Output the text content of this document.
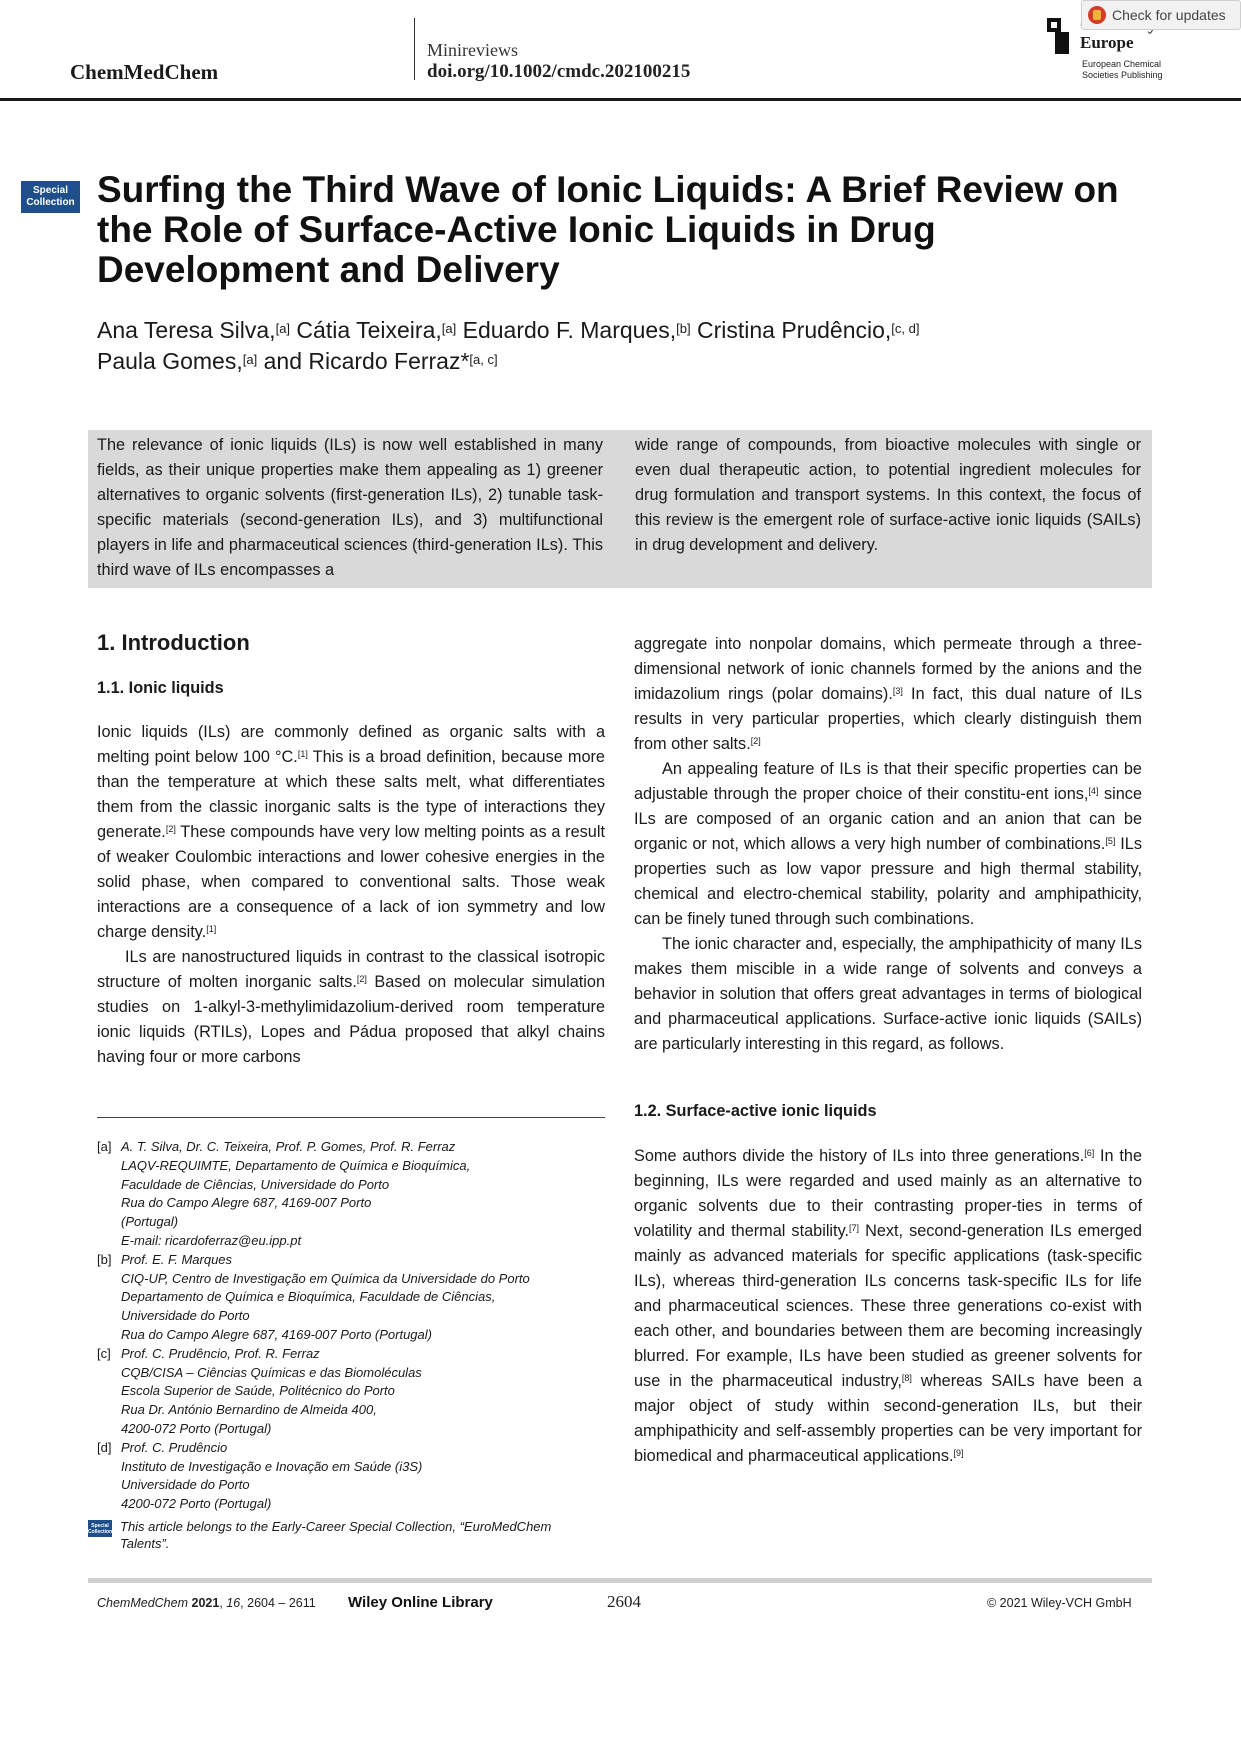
ChemMedChem
Minireviews
doi.org/10.1002/cmdc.202100215
Europe
European Chemical
Societies Publishing
Check for updates
Special
Collection Surfing the Third Wave of Ionic Liquids: A Brief Review on
the Role of Surface-Active Ionic Liquids in Drug
Development and Delivery
Ana Teresa Silva,[a] Cátia Teixeira,[a] Eduardo F. Marques,[b] Cristina Prudêncio,[c, d]
Paula Gomes,[a] and Ricardo Ferraz*[a, c]

The relevance of ionic liquids (ILs) is now well established in many fields, as their unique properties make them appealing as 1) greener alternatives to organic solvents (first-generation ILs), 2) tunable task-specific materials (second-generation ILs), and 3) multifunctional players in life and pharmaceutical sciences (third-generation ILs). This third wave of ILs encompasses a

wide range of compounds, from bioactive molecules with single or even dual therapeutic action, to potential ingredient molecules for drug formulation and transport systems. In this context, the focus of this review is the emergent role of surface-active ionic liquids (SAILs) in drug development and delivery.

1. Introduction
1.1. Ionic liquids

Ionic liquids (ILs) are commonly defined as organic salts with a melting point below 100 °C.[1] This is a broad definition, because more than the temperature at which these salts melt, what differentiates them from the classic inorganic salts is the type of interactions they generate.[2] These compounds have very low melting points as a result of weaker Coulombic interactions and lower cohesive energies in the solid phase, when compared to conventional salts. Those weak interactions are a consequence of a lack of ion symmetry and low charge density.[1]

ILs are nanostructured liquids in contrast to the classical isotropic structure of molten inorganic salts.[2] Based on molecular simulation studies on 1-alkyl-3-methylimidazolium-derived room temperature ionic liquids (RTILs), Lopes and Pádua proposed that alkyl chains having four or more carbons

[a] A. T. Silva, Dr. C. Teixeira, Prof. P. Gomes, Prof. R. Ferraz
LAQV-REQUIMTE, Departamento de Química e Bioquímica,
Faculdade de Ciências, Universidade do Porto
Rua do Campo Alegre 687, 4169-007 Porto
(Portugal)
E-mail: ricardoferraz@eu.ipp.pt
[b] Prof. E. F. Marques
CIQ-UP, Centro de Investigação em Química da Universidade do Porto
Departamento de Química e Bioquímica, Faculdade de Ciências,
Universidade do Porto
Rua do Campo Alegre 687, 4169-007 Porto (Portugal)
[c] Prof. C. Prudêncio, Prof. R. Ferraz
CQB/CISA – Ciências Químicas e das Biomoléculas
Escola Superior de Saúde, Politécnico do Porto
Rua Dr. António Bernardino de Almeida 400,
4200-072 Porto (Portugal)
[d] Prof. C. Prudêncio
Instituto de Investigação e Inovação em Saúde (i3S)
Universidade do Porto
4200-072 Porto (Portugal)
Special
Collection This article belongs to the Early-Career Special Collection, “EuroMedChem
Talents”.

aggregate into nonpolar domains, which permeate through a three-dimensional network of ionic channels formed by the anions and the imidazolium rings (polar domains).[3] In fact, this dual nature of ILs results in very particular properties, which clearly distinguish them from other salts.[2]

An appealing feature of ILs is that their specific properties can be adjustable through the proper choice of their constitu-ent ions,[4] since ILs are composed of an organic cation and an anion that can be organic or not, which allows a very high number of combinations.[5] ILs properties such as low vapor pressure and high thermal stability, chemical and electro-chemical stability, polarity and amphipathicity, can be finely tuned through such combinations.

The ionic character and, especially, the amphipathicity of many ILs makes them miscible in a wide range of solvents and conveys a behavior in solution that offers great advantages in terms of biological and pharmaceutical applications. Surface-active ionic liquids (SAILs) are particularly interesting in this regard, as follows.

1.2. Surface-active ionic liquids

Some authors divide the history of ILs into three generations.[6] In the beginning, ILs were regarded and used mainly as an alternative to organic solvents due to their contrasting proper-ties in terms of volatility and thermal stability.[7] Next, second-generation ILs emerged mainly as advanced materials for specific applications (task-specific ILs), whereas third-generation ILs concerns task-specific ILs for life and pharmaceutical sciences. These three generations co-exist with each other, and boundaries between them are becoming increasingly blurred. For example, ILs have been studied as greener solvents for use in the pharmaceutical industry,[8] whereas SAILs have been a major object of study within second-generation ILs, but their amphipathicity and self-assembly properties can be very important for biomedical and pharmaceutical applications.[9]

ChemMedChem 2021, 16, 2604 – 2611 Wiley Online Library	2604	© 2021 Wiley-VCH GmbH
